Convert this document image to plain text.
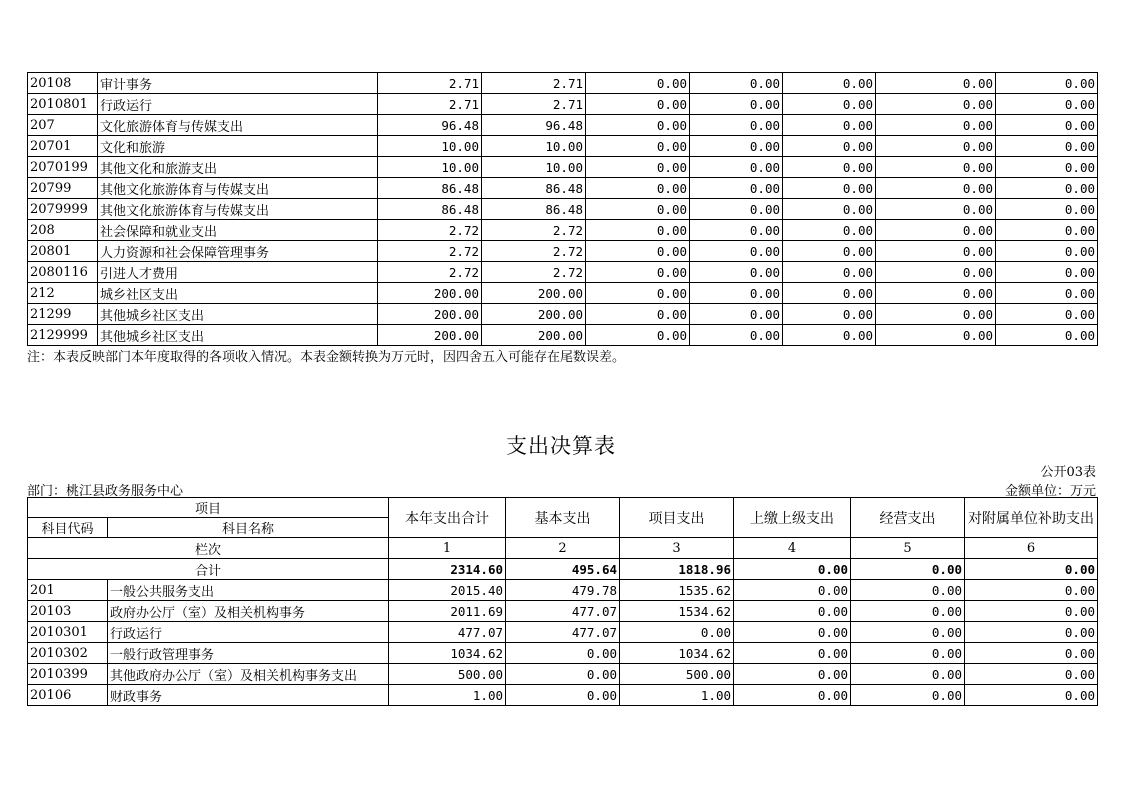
20108	审计事务	2.71	2.71	0.00	0.00	0.00	0.00	0.00
2010801	行政运行	2.71	2.71	0.00	0.00	0.00	0.00	0.00
207	文化旅游体育与传媒支出	96.48	96.48	0.00	0.00	0.00	0.00	0.00
20701	文化和旅游	10.00	10.00	0.00	0.00	0.00	0.00	0.00
2070199	其他文化和旅游支出	10.00	10.00	0.00	0.00	0.00	0.00	0.00
20799	其他文化旅游体育与传媒支出	86.48	86.48	0.00	0.00	0.00	0.00	0.00
2079999	其他文化旅游体育与传媒支出	86.48	86.48	0.00	0.00	0.00	0.00	0.00
208	社会保障和就业支出	2.72	2.72	0.00	0.00	0.00	0.00	0.00
20801	人力资源和社会保障管理事务	2.72	2.72	0.00	0.00	0.00	0.00	0.00
2080116	引进人才费用	2.72	2.72	0.00	0.00	0.00	0.00	0.00
212	城乡社区支出	200.00	200.00	0.00	0.00	0.00	0.00	0.00
21299	其他城乡社区支出	200.00	200.00	0.00	0.00	0.00	0.00	0.00
2129999	其他城乡社区支出	200.00	200.00	0.00	0.00	0.00	0.00	0.00
注：本表反映部门本年度取得的各项收入情况。本表金额转换为万元时，因四舍五入可能存在尾数误差。
支出决算表
公开03表
部门：桃江县政务服务中心	金额单位：万元
项目		本年支出合计	基本支出	项目支出	上缴上级支出	经营支出	对附属单位补助支出
科目代码	科目名称						
栏次		1	2	3	4	5	6
合计		2314.60	495.64	1818.96	0.00	0.00	0.00
201	一般公共服务支出	2015.40	479.78	1535.62	0.00	0.00	0.00
20103	政府办公厅（室）及相关机构事务	2011.69	477.07	1534.62	0.00	0.00	0.00
2010301	行政运行	477.07	477.07	0.00	0.00	0.00	0.00
2010302	一般行政管理事务	1034.62	0.00	1034.62	0.00	0.00	0.00
2010399	其他政府办公厅（室）及相关机构事务支出	500.00	0.00	500.00	0.00	0.00	0.00
20106	财政事务	1.00	0.00	1.00	0.00	0.00	0.00
